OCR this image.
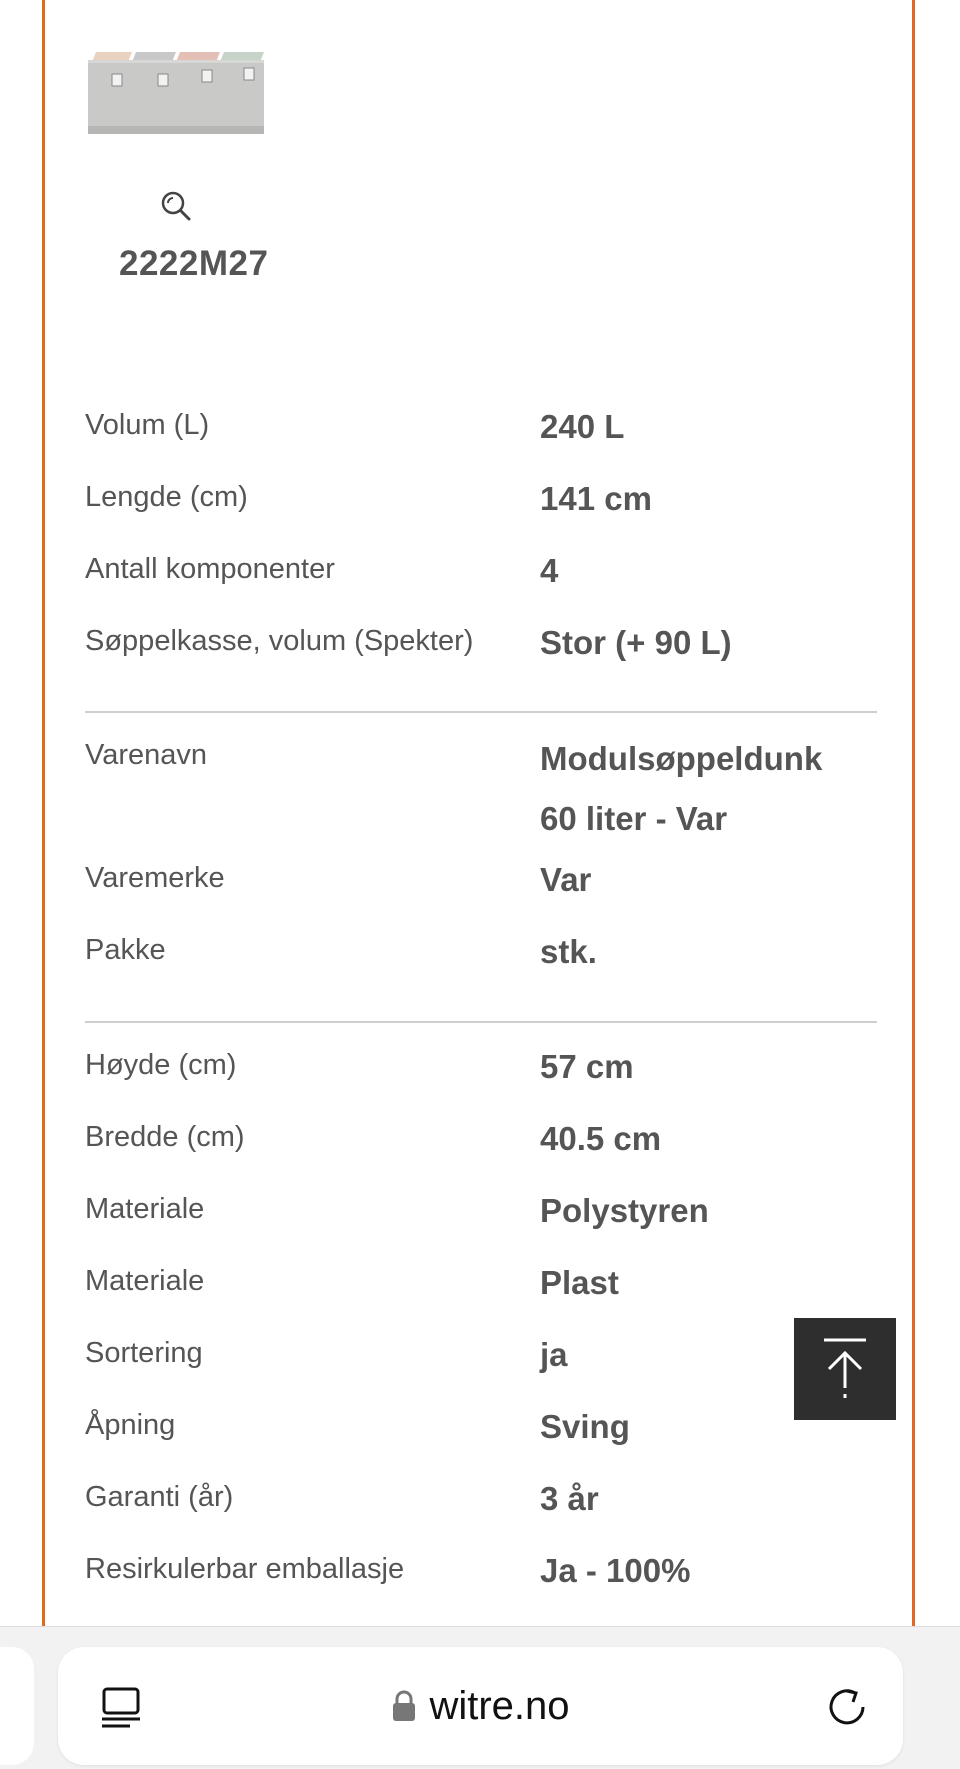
2222M27
Volum (L)	240 L
Lengde (cm)	141 cm
Antall komponenter	4
Søppelkasse, volum (Spekter)	Stor (+ 90 L)
Varenavn	Modulsøppeldunk 60 liter - Var
Varemerke	Var
Pakke	stk.
Høyde (cm)	57 cm
Bredde (cm)	40.5 cm
Materiale	Polystyren
Materiale	Plast
Sortering	ja
Åpning	Sving
Garanti (år)	3 år
Resirkulerbar emballasje	Ja - 100%
witre.no
